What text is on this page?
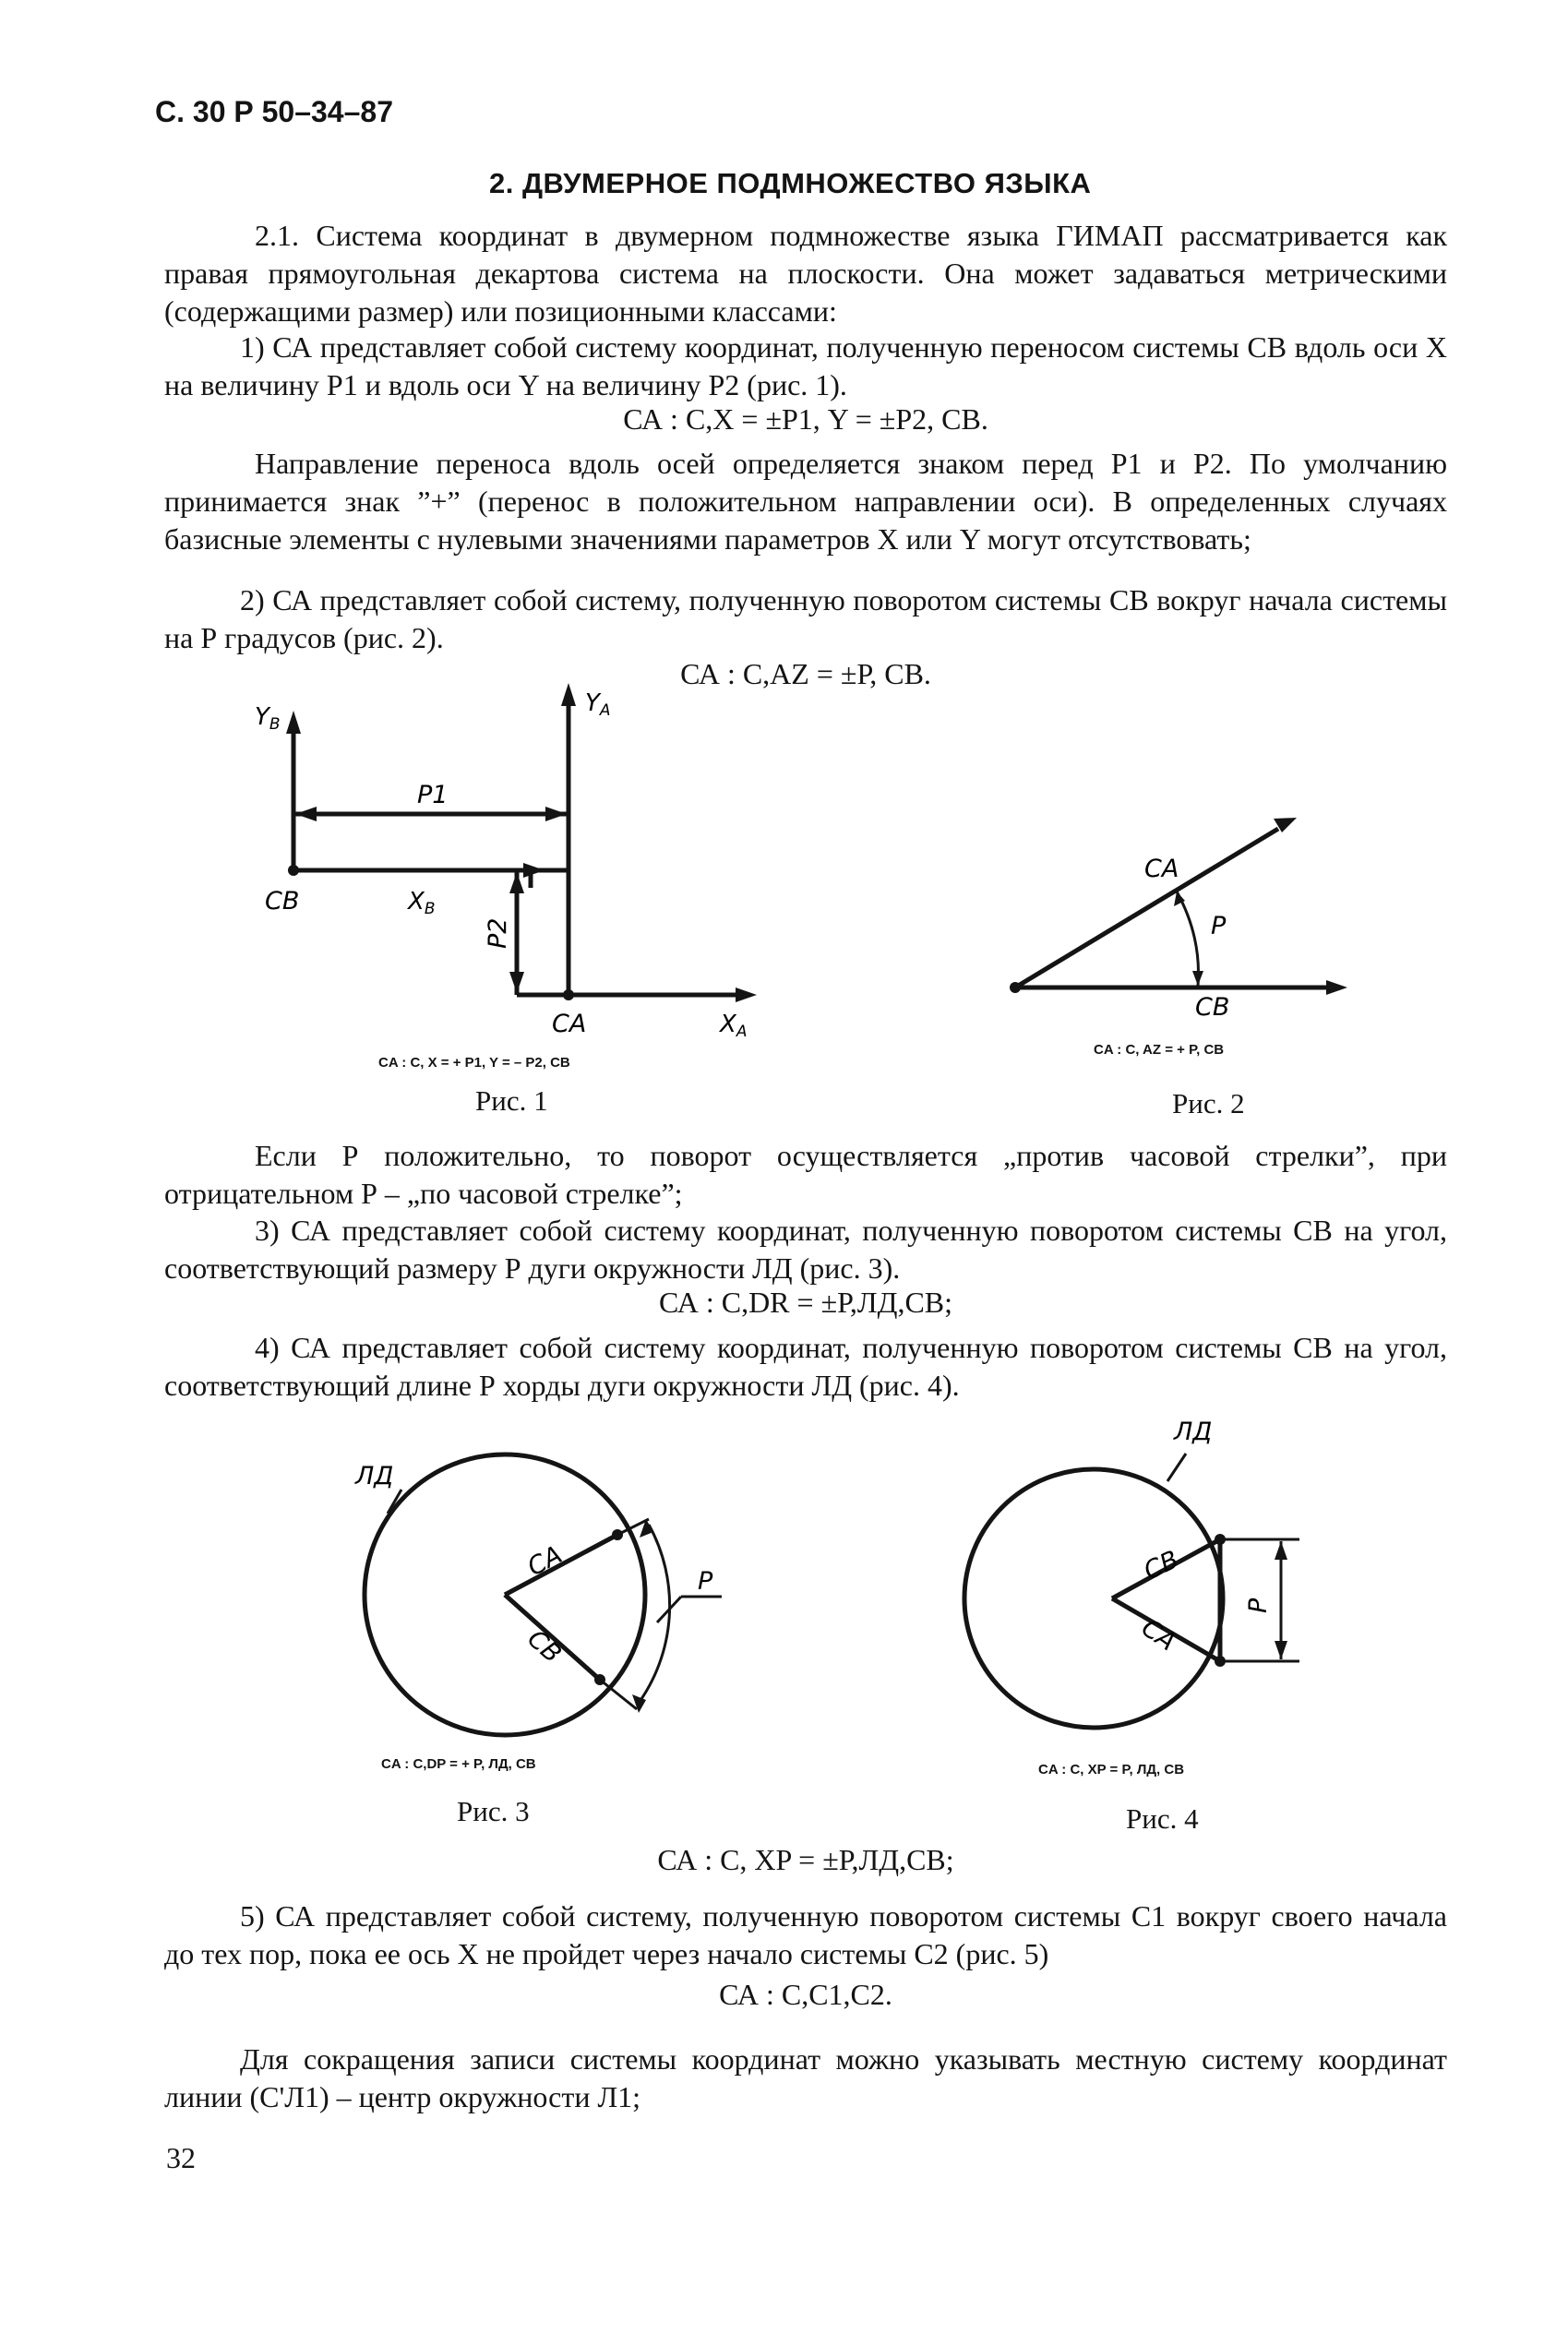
С. 30 Р 50–34–87
2. ДВУМЕРНОЕ ПОДМНОЖЕСТВО ЯЗЫКА
2.1. Система координат в двумерном подмножестве языка ГИМАП рассматривается как правая прямоугольная декартова система на плоскости. Она может задаваться метрическими (содержащими размер) или позиционными классами:
1) СА представляет собой систему координат, полученную переносом системы СВ вдоль оси X на величину Р1 и вдоль оси Y на величину Р2 (рис. 1).
СА : С,X = ±Р1, Y = ±Р2, СВ.
Направление переноса вдоль осей определяется знаком перед Р1 и Р2. По умолчанию принимается знак ”+” (перенос в положительном направлении оси). В определенных случаях базисные элементы с нулевыми значениями параметров X или Y могут отсутствовать;
2) СА представляет собой систему, полученную поворотом системы СВ вокруг начала системы на Р градусов (рис. 2).
СА : С,AZ = ±Р, СВ.
YB
YA
P1
CB	XB
P2
CA	XA
CA : C, X = + P1, Y = – P2, CB
Рис. 1
CA
P
CB
CA : C, AZ = + P, CB
Рис. 2
Если Р положительно, то поворот осуществляется „против часовой стрелки”, при отрицательном Р – „по часовой стрелке”;
3) СА представляет собой систему координат, полученную поворотом системы СВ на угол, соответствующий размеру Р дуги окружности ЛД (рис. 3).
СА : С,DR = ±Р,ЛД,СВ;
4) СА представляет собой систему координат, полученную поворотом системы СВ на угол, соответствующий длине Р хорды дуги окружности ЛД (рис. 4).
ЛД
CA
CB
P
CA : C,DP = + P, ЛД, CB
Рис. 3
ЛД
CB
CA
P
CA : C, XP = P, ЛД, CB
Рис. 4
СА : С, XP = ±Р,ЛД,СВ;
5) СА представляет собой систему, полученную поворотом системы С1 вокруг своего начала до тех пор, пока ее ось X не пройдет через начало системы С2 (рис. 5)
СА : С,С1,С2.
Для сокращения записи системы координат можно указывать местную систему координат линии (С'Л1) – центр окружности Л1;
32
